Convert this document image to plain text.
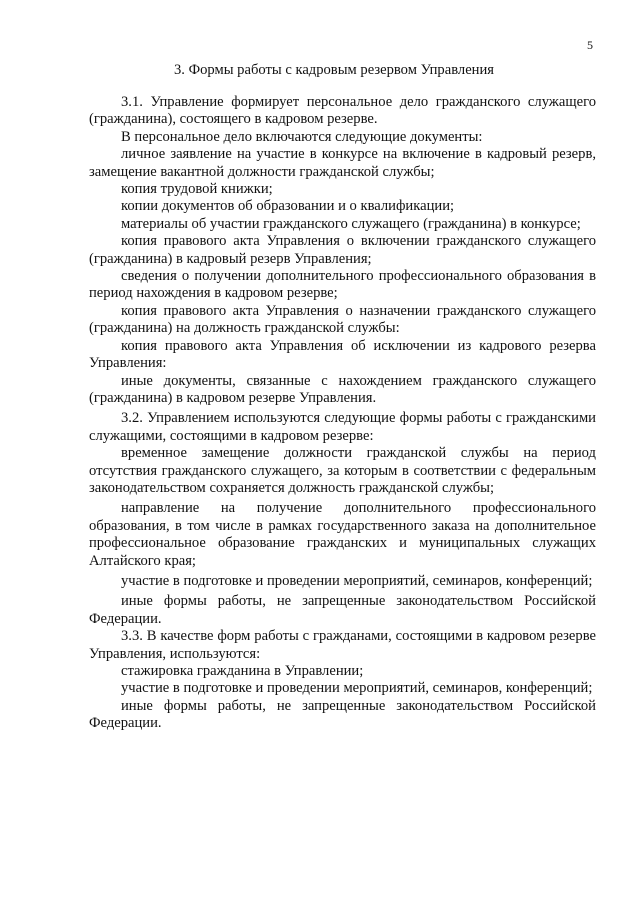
5
3. Формы работы с кадровым резервом Управления

3.1. Управление формирует персональное дело гражданского служащего (гражданина), состоящего в кадровом резерве.

В персональное дело включаются следующие документы:

личное заявление на участие в конкурсе на включение в кадровый резерв, замещение вакантной должности гражданской службы;

копия трудовой книжки;

копии документов об образовании и о квалификации;

материалы об участии гражданского служащего (гражданина) в конкурсе;

копия правового акта Управления о включении гражданского служащего (гражданина) в кадровый резерв Управления;

сведения о получении дополнительного профессионального образования в период нахождения в кадровом резерве;

копия правового акта Управления о назначении гражданского служащего (гражданина) на должность гражданской службы:

копия правового акта Управления об исключении из кадрового резерва Управления:

иные документы, связанные с нахождением гражданского служащего (гражданина) в кадровом резерве Управления.

3.2. Управлением используются следующие формы работы с гражданскими служащими, состоящими в кадровом резерве:

временное замещение должности гражданской службы на период отсутствия гражданского служащего, за которым в соответствии с федеральным законодательством сохраняется должность гражданской службы;

направление на получение дополнительного профессионального образования, в том числе в рамках государственного заказа на дополнительное профессиональное образование гражданских и муниципальных служащих Алтайского края;

участие в подготовке и проведении мероприятий, семинаров, конференций;

иные формы работы, не запрещенные законодательством Российской Федерации.

3.3. В качестве форм работы с гражданами, состоящими в кадровом резерве Управления, используются:

стажировка гражданина в Управлении;

участие в подготовке и проведении мероприятий, семинаров, конференций;

иные формы работы, не запрещенные законодательством Российской Федерации.
